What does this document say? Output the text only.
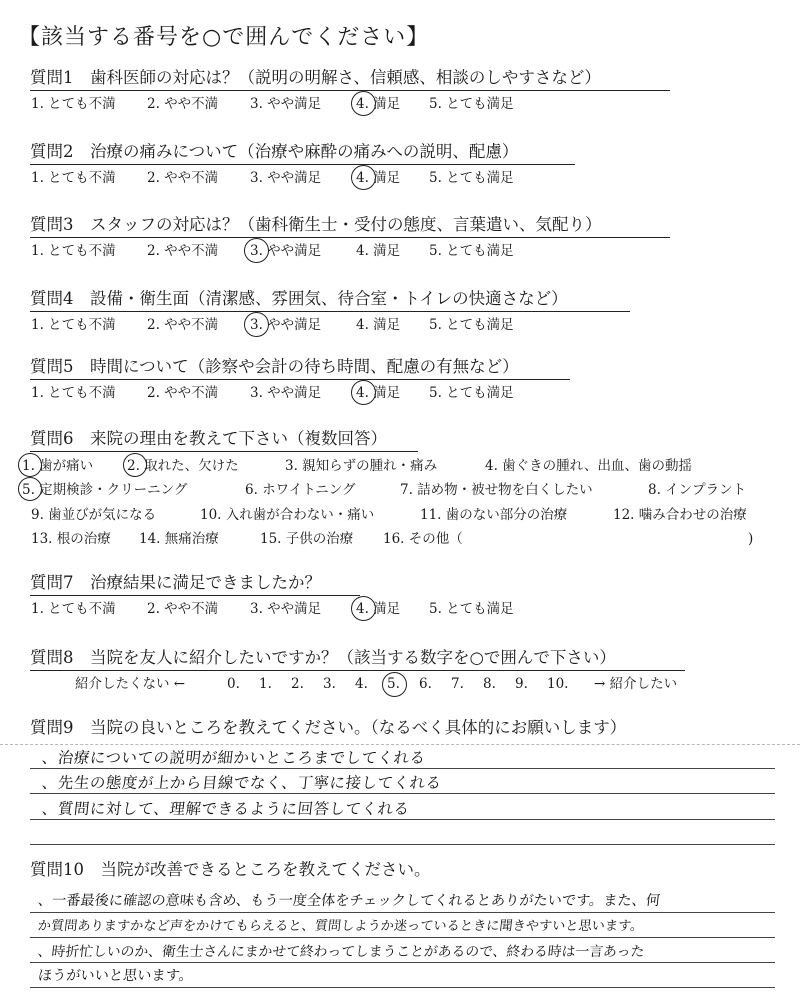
【該当する番号を○で囲んでください】
質問1　歯科医師の対応は？（説明の明解さ、信頼感、相談のしやすさなど）
1. とても不満 2. やや不満 3. やや満足	4. 満足 5. とても満足
質問2　治療の痛みについて（治療や麻酔の痛みへの説明、配慮）
1. とても不満 2. やや不満 3. やや満足	4. 満足 5. とても満足
質問3　スタッフの対応は？（歯科衛生士・受付の態度、言葉遣い、気配り）
1. とても不満 2. やや不満 3. やや満足	4. 満足 5. とても満足
質問4　設備・衛生面（清潔感、雰囲気、待合室・トイレの快適さなど）
1. とても不満 2. やや不満 3. やや満足	4. 満足 5. とても満足
質問5　時間について（診察や会計の待ち時間、配慮の有無など）
1. とても不満 2. やや不満 3. やや満足	4. 満足 5. とても満足
質問6　来院の理由を教えて下さい（複数回答）
1. 歯が痛い	2. 取れた、欠けた	3. 親知らずの腫れ・痛み	4. 歯ぐきの腫れ、出血、歯の動揺
5. 定期検診・クリーニング	6. ホワイトニング	7. 詰め物・被せ物を白くしたい	8. インプラント
9. 歯並びが気になる	10. 入れ歯が合わない・痛い	11. 歯のない部分の治療	12. 噛み合わせの治療
13. 根の治療 14. 無痛治療	15. 子供の治療 16. その他（	)
質問7　治療結果に満足できましたか？
1. とても不満 2. やや不満 3. やや満足	4. 満足 5. とても満足
質問8　当院を友人に紹介したいですか？（該当する数字を○で囲んで下さい）
紹介したくない ←	0. 1. 2. 3. 4. 5. 6. 7. 8. 9. 10. → 紹介したい
質問9　当院の良いところを教えてください。（なるべく具体的にお願いします）
、治療についての説明が細かいところまでしてくれる
、先生の態度が上から目線でなく、丁寧に接してくれる
、質問に対して、理解できるように回答してくれる
質問10　当院が改善できるところを教えてください。
、一番最後に確認の意味も含め、もう一度全体をチェックしてくれるとありがたいです。また、何
か質問ありますかなど声をかけてもらえると、質問しようか迷っているときに聞きやすいと思います。
、時折忙しいのか、衛生士さんにまかせて終わってしまうことがあるので、終わる時は一言あった
ほうがいいと思います。
